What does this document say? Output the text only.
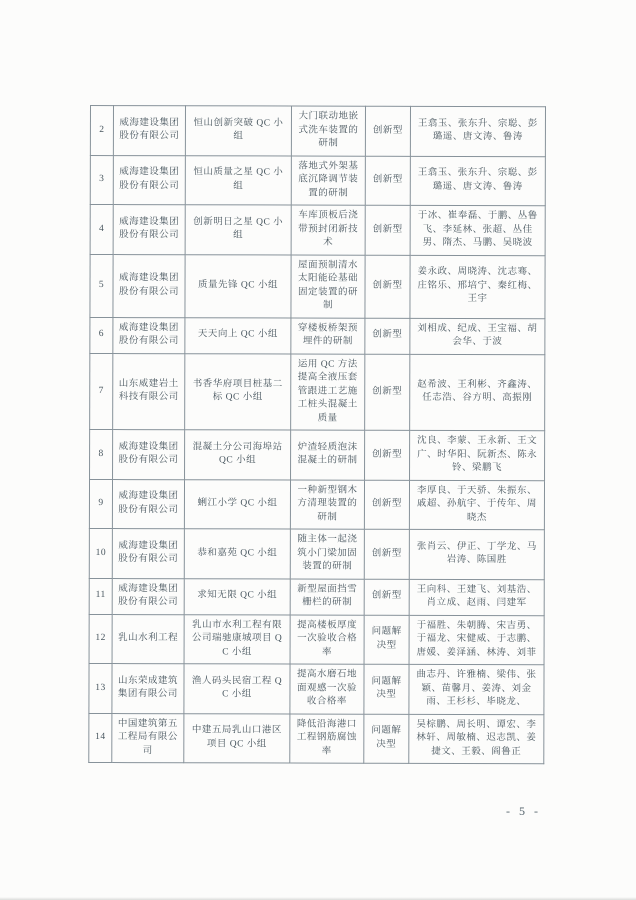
2	威海建设集团股份有限公司	恒山创新突破 QC 小组	大门联动地嵌式洗车装置的研制	创新型	王翕玉、张东升、宗聪、彭璐遥、唐文涛、鲁涛
3	威海建设集团股份有限公司	恒山质量之星 QC 小组	落地式外架基底沉降调节装置的研制	创新型	王翕玉、张东升、宗聪、彭璐遥、唐文涛、鲁涛
4	威海建设集团股份有限公司	创新明日之星 QC 小组	车库顶板后浇带预封闭新技术	创新型	于冰、崔奉磊、于鹏、丛鲁飞、李延林、张超、丛佳男、隋杰、马鹏、吴晓波
5	威海建设集团股份有限公司	质量先锋 QC 小组	屋面预制清水太阳能砼基础固定装置的研制	创新型	姜永政、周晓涛、沈志骞、庄铭乐、邢培宁、秦红梅、王宇
6	威海建设集团股份有限公司	天天向上 QC 小组	穿楼板桥架预埋件的研制	创新型	刘相成、纪成、王宝福、胡会华、于波
7	山东威建岩土科技有限公司	书香华府项目桩基二标 QC 小组	运用 QC 方法提高全液压套管跟进工艺施工桩头混凝土质量	创新型	赵希波、王利彬、齐鑫涛、任志浩、谷方明、高振刚
8	威海建设集团股份有限公司	混凝土分公司海埠站 QC 小组	炉渣轻质泡沫混凝土的研制	创新型	沈良、李蒙、王永新、王文广、时华阳、阮新杰、陈永铃、梁鹏飞
9	威海建设集团股份有限公司	蜊江小学 QC 小组	一种新型钢木方清理装置的研制	创新型	李厚良、于天骄、朱振东、戚超、孙航宇、于传年、周晓杰
10	威海建设集团股份有限公司	恭和嘉苑 QC 小组	随主体一起浇筑小门梁加固装置的研制	创新型	张肖云、伊正、丁学龙、马岩涛、陈国胜
11	威海建设集团股份有限公司	求知无限 QC 小组	新型屋面挡雪栅栏的研制	创新型	王向科、王建飞、刘基浩、肖立成、赵雨、闫建军
12	乳山水利工程	乳山市水利工程有限公司瑞驰康城项目 QC 小组	提高楼板厚度一次验收合格率	问题解决型	于福胜、朱朝腾、宋吉勇、于福龙、宋健威、于志鹏、唐媛、姜泽涵、林涛、刘菲
13	山东荣成建筑集团有限公司	渔人码头民宿工程 QC 小组	提高水磨石地面观感一次验收合格率	问题解决型	曲志丹、许雅楠、梁伟、张颖、苗馨月、姜涛、刘金雨、王杉杉、毕晓龙、
14	中国建筑第五工程局有限公司	中建五局乳山口港区项目 QC 小组	降低沿海港口工程钢筋腐蚀率	问题解决型	吴棕鹏、周长明、谭宏、李林轩、周敏楠、迟志凯、姜捷文、王毅、阎鲁正
- 5 -
